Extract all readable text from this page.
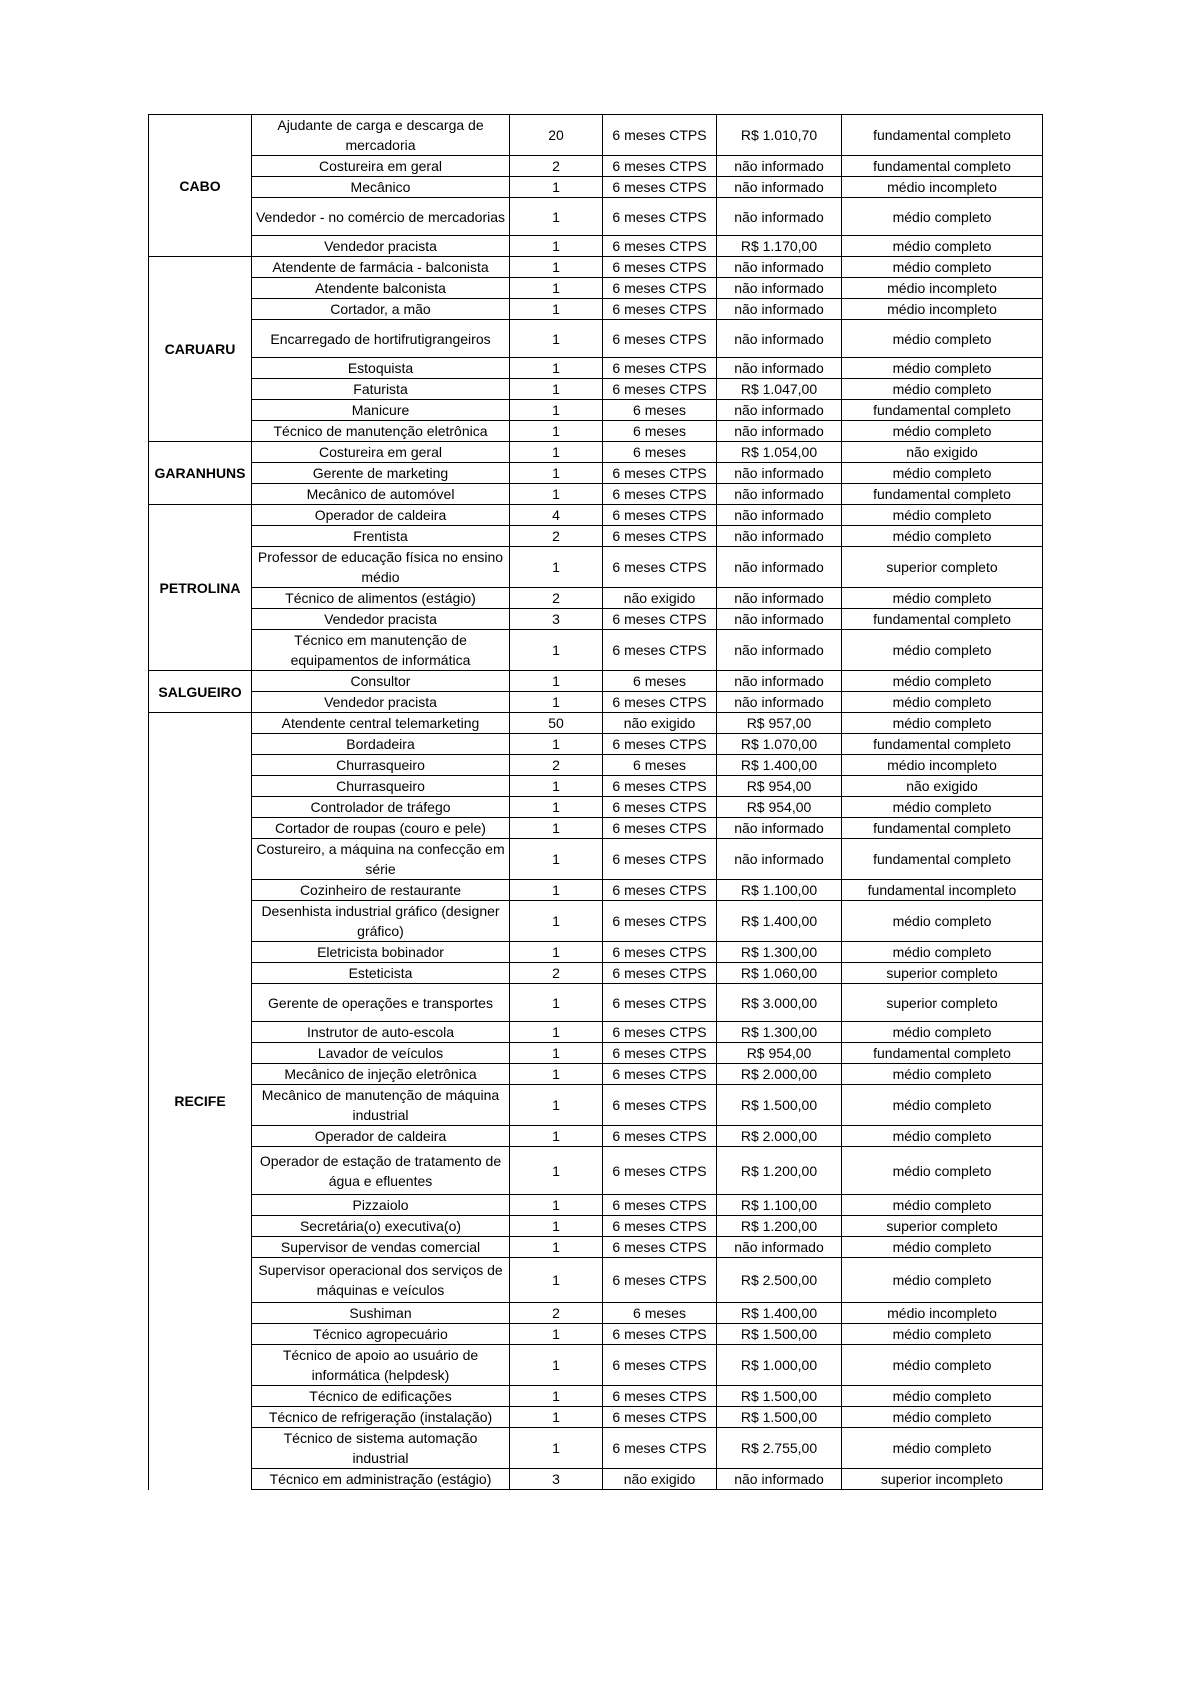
CABO	Ajudante de carga e descarga de mercadoria	20	6 meses CTPS	R$ 1.010,70	fundamental completo
	Costureira em geral	2	6 meses CTPS	não informado	fundamental completo
	Mecânico	1	6 meses CTPS	não informado	médio incompleto
	Vendedor - no comércio de mercadorias	1	6 meses CTPS	não informado	médio completo
	Vendedor pracista	1	6 meses CTPS	R$ 1.170,00	médio completo
CARUARU	Atendente de farmácia - balconista	1	6 meses CTPS	não informado	médio completo
	Atendente balconista	1	6 meses CTPS	não informado	médio incompleto
	Cortador, a mão	1	6 meses CTPS	não informado	médio incompleto
	Encarregado de hortifrutigrangeiros	1	6 meses CTPS	não informado	médio completo
	Estoquista	1	6 meses CTPS	não informado	médio completo
	Faturista	1	6 meses CTPS	R$ 1.047,00	médio completo
	Manicure	1	6 meses	não informado	fundamental completo
	Técnico de manutenção eletrônica	1	6 meses	não informado	médio completo
GARANHUNS	Costureira em geral	1	6 meses	R$ 1.054,00	não exigido
	Gerente de marketing	1	6 meses CTPS	não informado	médio completo
	Mecânico de automóvel	1	6 meses CTPS	não informado	fundamental completo
PETROLINA	Operador de caldeira	4	6 meses CTPS	não informado	médio completo
	Frentista	2	6 meses CTPS	não informado	médio completo
	Professor de educação física no ensino médio	1	6 meses CTPS	não informado	superior completo
	Técnico de alimentos (estágio)	2	não exigido	não informado	médio completo
	Vendedor pracista	3	6 meses CTPS	não informado	fundamental completo
	Técnico em manutenção de equipamentos de informática	1	6 meses CTPS	não informado	médio completo
SALGUEIRO	Consultor	1	6 meses	não informado	médio completo
	Vendedor pracista	1	6 meses CTPS	não informado	médio completo
RECIFE	Atendente central telemarketing	50	não exigido	R$ 957,00	médio completo
	Bordadeira	1	6 meses CTPS	R$ 1.070,00	fundamental completo
	Churrasqueiro	2	6 meses	R$ 1.400,00	médio incompleto
	Churrasqueiro	1	6 meses CTPS	R$ 954,00	não exigido
	Controlador de tráfego	1	6 meses CTPS	R$ 954,00	médio completo
	Cortador de roupas (couro e pele)	1	6 meses CTPS	não informado	fundamental completo
	Costureiro, a máquina na confecção em série	1	6 meses CTPS	não informado	fundamental completo
	Cozinheiro de restaurante	1	6 meses CTPS	R$ 1.100,00	fundamental incompleto
	Desenhista industrial gráfico (designer gráfico)	1	6 meses CTPS	R$ 1.400,00	médio completo
	Eletricista bobinador	1	6 meses CTPS	R$ 1.300,00	médio completo
	Esteticista	2	6 meses CTPS	R$ 1.060,00	superior completo
	Gerente de operações e transportes	1	6 meses CTPS	R$ 3.000,00	superior completo
	Instrutor de auto-escola	1	6 meses CTPS	R$ 1.300,00	médio completo
	Lavador de veículos	1	6 meses CTPS	R$ 954,00	fundamental completo
	Mecânico de injeção eletrônica	1	6 meses CTPS	R$ 2.000,00	médio completo
	Mecânico de manutenção de máquina industrial	1	6 meses CTPS	R$ 1.500,00	médio completo
	Operador de caldeira	1	6 meses CTPS	R$ 2.000,00	médio completo
	Operador de estação de tratamento de água e efluentes	1	6 meses CTPS	R$ 1.200,00	médio completo
	Pizzaiolo	1	6 meses CTPS	R$ 1.100,00	médio completo
	Secretária(o) executiva(o)	1	6 meses CTPS	R$ 1.200,00	superior completo
	Supervisor de vendas comercial	1	6 meses CTPS	não informado	médio completo
	Supervisor operacional dos serviços de máquinas e veículos	1	6 meses CTPS	R$ 2.500,00	médio completo
	Sushiman	2	6 meses	R$ 1.400,00	médio incompleto
	Técnico agropecuário	1	6 meses CTPS	R$ 1.500,00	médio completo
	Técnico de apoio ao usuário de informática (helpdesk)	1	6 meses CTPS	R$ 1.000,00	médio completo
	Técnico de edificações	1	6 meses CTPS	R$ 1.500,00	médio completo
	Técnico de refrigeração (instalação)	1	6 meses CTPS	R$ 1.500,00	médio completo
	Técnico de sistema automação industrial	1	6 meses CTPS	R$ 2.755,00	médio completo
	Técnico em administração (estágio)	3	não exigido	não informado	superior incompleto
